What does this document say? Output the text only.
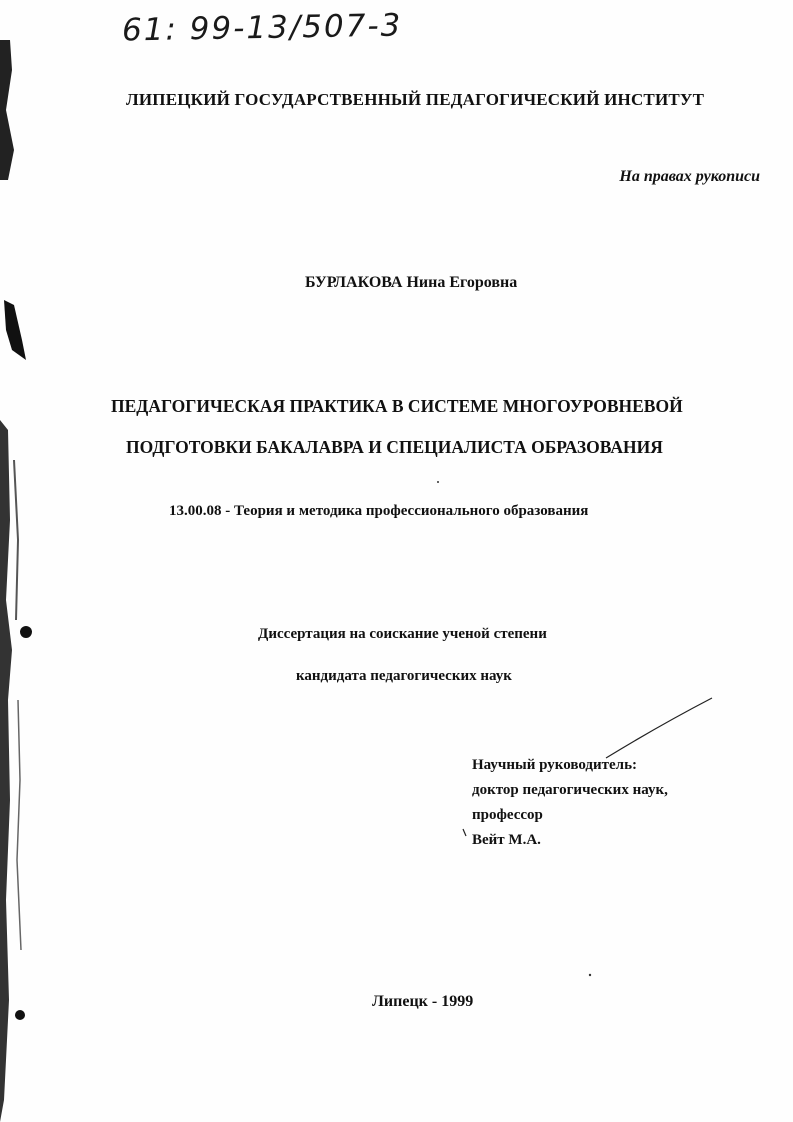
61: 99-13/507-3
ЛИПЕЦКИЙ ГОСУДАРСТВЕННЫЙ ПЕДАГОГИЧЕСКИЙ ИНСТИТУТ
На правах рукописи
БУРЛАКОВА Нина Егоровна
ПЕДАГОГИЧЕСКАЯ ПРАКТИКА В СИСТЕМЕ МНОГОУРОВНЕВОЙ
ПОДГОТОВКИ БАКАЛАВРА И СПЕЦИАЛИСТА ОБРАЗОВАНИЯ
13.00.08 - Теория и методика профессионального образования
Диссертация на соискание ученой степени
кандидата педагогических наук
Научный руководитель:
доктор педагогических наук,
профессор
Вейт М.А.
Липецк - 1999
